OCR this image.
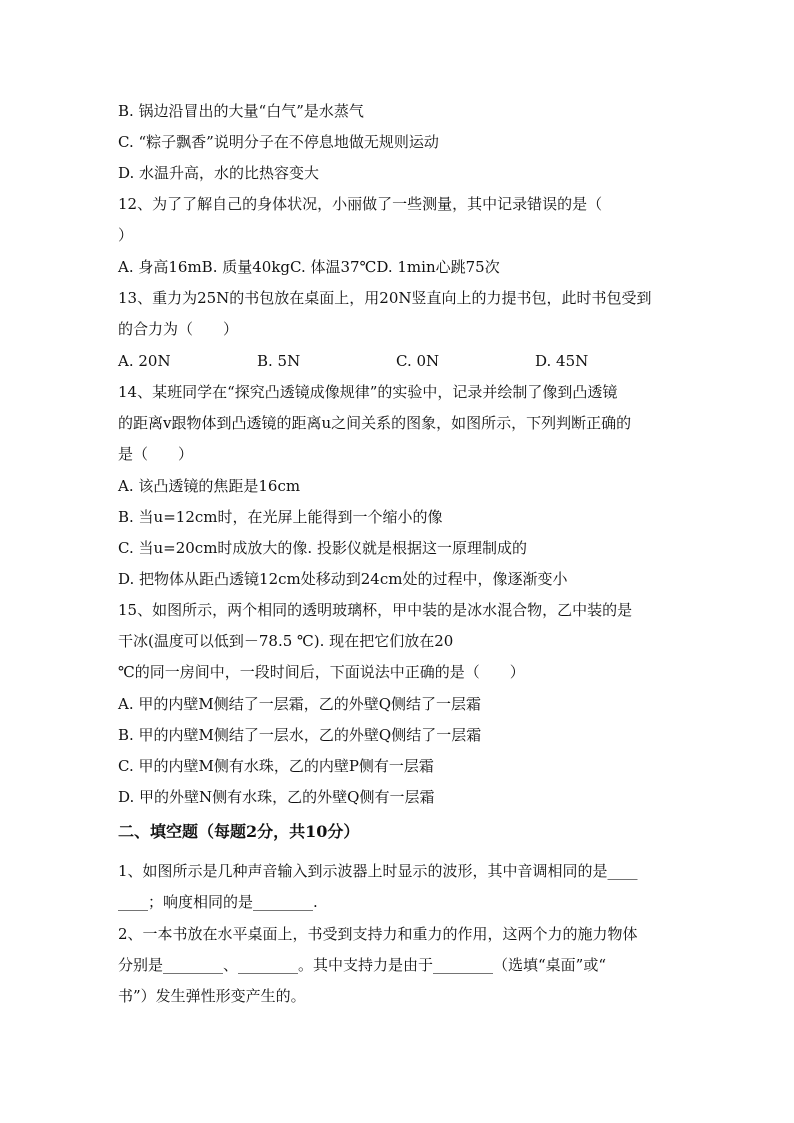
B. 锅边沿冒出的大量“白气”是水蒸气
C. “粽子飘香”说明分子在不停息地做无规则运动
D. 水温升高，水的比热容变大
12、为了了解自己的身体状况，小丽做了一些测量，其中记录错误的是（
）
A. 身高16mB. 质量40kgC. 体温37℃D. 1min心跳75次
13、重力为25N的书包放在桌面上，用20N竖直向上的力提书包，此时书包受到
的合力为（　　）
A. 20N	B. 5N	C. 0N	D. 45N
14、某班同学在“探究凸透镜成像规律”的实验中，记录并绘制了像到凸透镜
的距离v跟物体到凸透镜的距离u之间关系的图象，如图所示，下列判断正确的
是（　　）
A. 该凸透镜的焦距是16cm
B. 当u=12cm时，在光屏上能得到一个缩小的像
C. 当u=20cm时成放大的像. 投影仪就是根据这一原理制成的
D. 把物体从距凸透镜12cm处移动到24cm处的过程中，像逐渐变小
15、如图所示，两个相同的透明玻璃杯，甲中装的是冰水混合物，乙中装的是
干冰(温度可以低到－78.5 ℃). 现在把它们放在20
℃的同一房间中，一段时间后，下面说法中正确的是（　　）
A. 甲的内壁M侧结了一层霜，乙的外壁Q侧结了一层霜
B. 甲的内壁M侧结了一层水，乙的外壁Q侧结了一层霜
C. 甲的内壁M侧有水珠，乙的内壁P侧有一层霜
D. 甲的外壁N侧有水珠，乙的外壁Q侧有一层霜
二、填空题（每题2分，共10分）
1、如图所示是几种声音输入到示波器上时显示的波形，其中音调相同的是____
____；响度相同的是________.
2、一本书放在水平桌面上，书受到支持力和重力的作用，这两个力的施力物体
分别是________、________。其中支持力是由于________（选填“桌面”或“
书”）发生弹性形变产生的。
